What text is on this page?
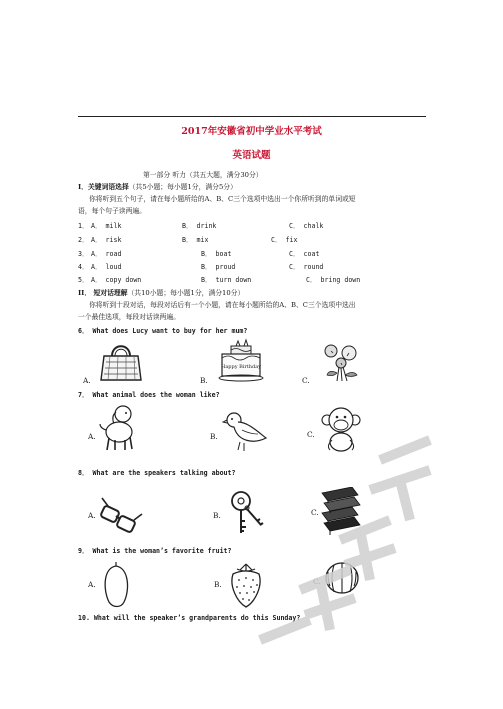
2017年安徽省初中学业水平考试
英语试题
第一部分 听力（共五大题，满分30分）
I．关键词语选择（共5小题；每小题1分，满分5分）
你将听到五个句子，请在每小题所给的A、B、C三个选项中选出一个你所听到的单词或短
语，每个句子读两遍。
1． A． milk	B． drink	C． chalk
2． A． risk	B． mix	C． fix
3． A． road	B． boat	C． coat
4． A． loud	B． proud	C． round
5． A． copy down	B． turn down	C． bring down
II． 短对话理解（共10小题；每小题1分，满分10分）
你将听到十段对话，每段对话后有一个小题，请在每小题所给的A、B、C三个选项中选出
一个最佳选项，每段对话读两遍。
6． What does Lucy want to buy for her mum?
A.	B.	C.
Happy Birthday
7． What animal does the woman like?
A.	B.	C.
8． What are the speakers talking about?
A.	B.	C.
9． What is the woman’s favorite fruit?
A.	B.	C.
10. What will the speaker’s grandparents do this Sunday?
